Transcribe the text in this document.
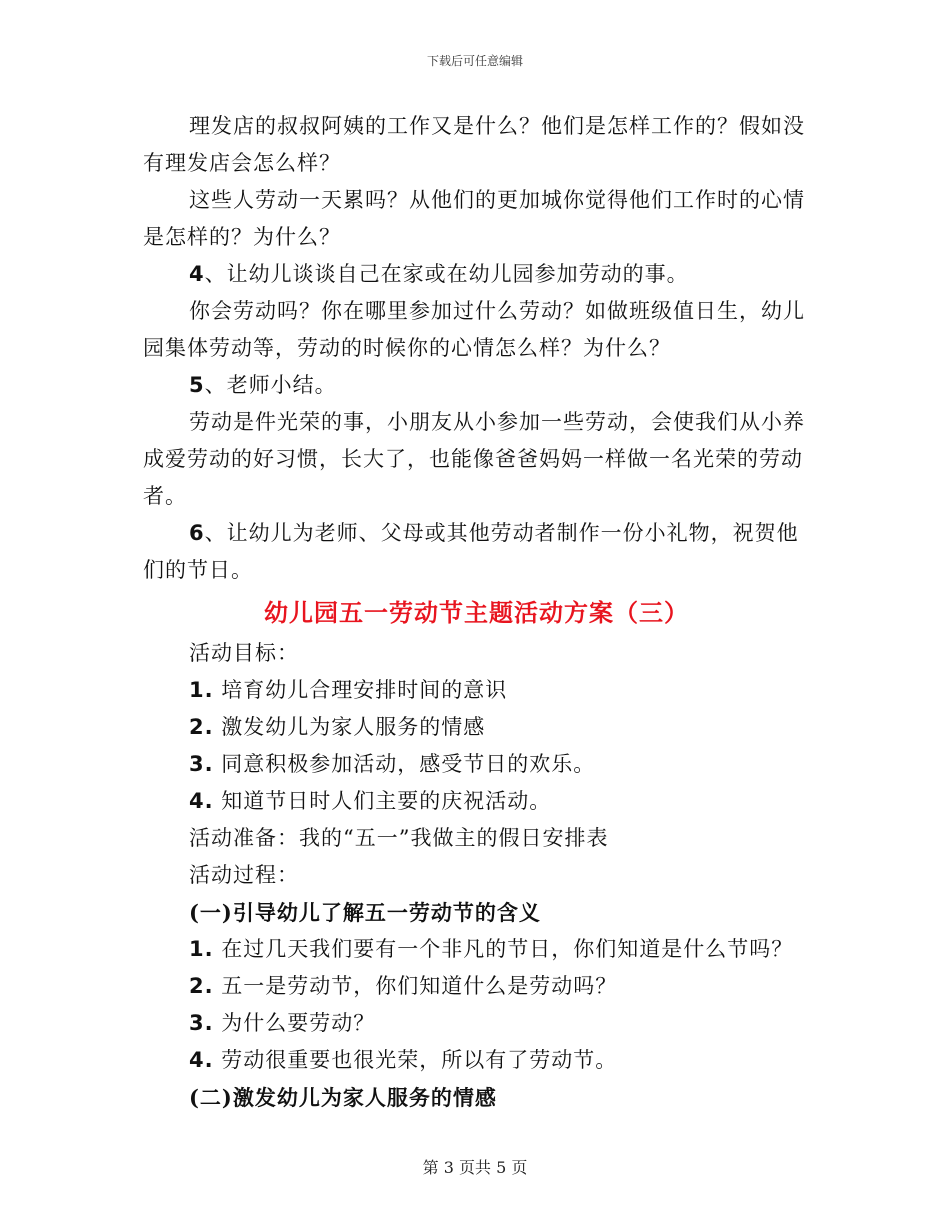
下载后可任意编辑

理发店的叔叔阿姨的工作又是什么？他们是怎样工作的？假如没有理发店会怎么样？

这些人劳动一天累吗？从他们的更加城你觉得他们工作时的心情是怎样的？为什么？

4、让幼儿谈谈自己在家或在幼儿园参加劳动的事。

你会劳动吗？你在哪里参加过什么劳动？如做班级值日生，幼儿园集体劳动等，劳动的时候你的心情怎么样？为什么？

5、老师小结。

劳动是件光荣的事，小朋友从小参加一些劳动，会使我们从小养成爱劳动的好习惯，长大了，也能像爸爸妈妈一样做一名光荣的劳动者。

6、让幼儿为老师、父母或其他劳动者制作一份小礼物，祝贺他们的节日。

幼儿园五一劳动节主题活动方案（三）
活动目标：
1. 培育幼儿合理安排时间的意识
2. 激发幼儿为家人服务的情感
3. 同意积极参加活动，感受节日的欢乐。
4. 知道节日时人们主要的庆祝活动。
活动准备：我的“五一”我做主的假日安排表
活动过程：
(一)引导幼儿了解五一劳动节的含义
1. 在过几天我们要有一个非凡的节日，你们知道是什么节吗？
2. 五一是劳动节，你们知道什么是劳动吗？
3. 为什么要劳动？
4. 劳动很重要也很光荣，所以有了劳动节。
(二)激发幼儿为家人服务的情感
第 3 页共 5 页
